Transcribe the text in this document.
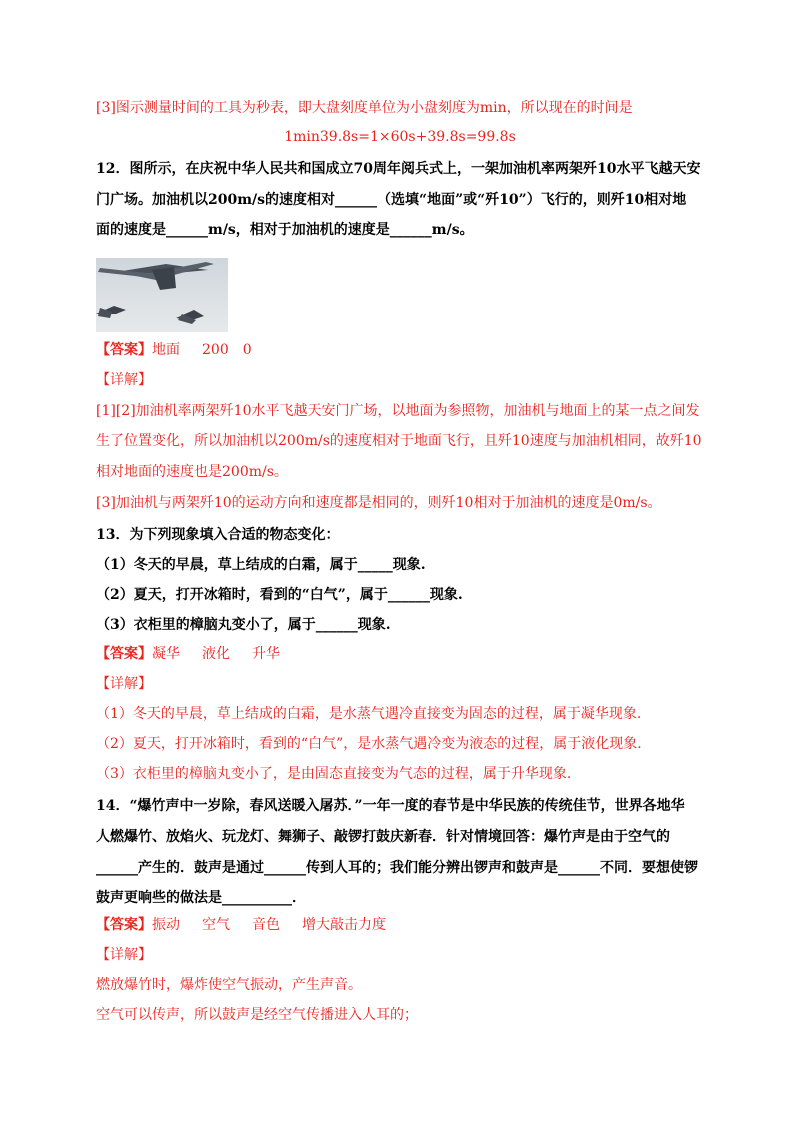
[3]图示测量时间的工具为秒表，即大盘刻度单位为小盘刻度为min，所以现在的时间是
1min39.8s=1×60s+39.8s=99.8s
12．图所示，在庆祝中华人民共和国成立70周年阅兵式上，一架加油机率两架歼10水平飞越天安
门广场。加油机以200m/s的速度相对______（选填“地面”或“歼10”）飞行的，则歼10相对地
面的速度是______m/s，相对于加油机的速度是______m/s。
【答案】地面 200 0
【详解】
[1][2]加油机率两架歼10水平飞越天安门广场，以地面为参照物，加油机与地面上的某一点之间发
生了位置变化，所以加油机以200m/s的速度相对于地面飞行，且歼10速度与加油机相同，故歼10
相对地面的速度也是200m/s。
[3]加油机与两架歼10的运动方向和速度都是相同的，则歼10相对于加油机的速度是0m/s。
13．为下列现象填入合适的物态变化：
（1）冬天的早晨，草上结成的白霜，属于_____现象.
（2）夏天，打开冰箱时，看到的“白气”，属于______现象.
（3）衣柜里的樟脑丸变小了，属于______现象.
【答案】凝华 液化 升华
【详解】
（1）冬天的早晨，草上结成的白霜，是水蒸气遇冷直接变为固态的过程，属于凝华现象.
（2）夏天，打开冰箱时，看到的“白气”，是水蒸气遇冷变为液态的过程，属于液化现象.
（3）衣柜里的樟脑丸变小了，是由固态直接变为气态的过程，属于升华现象.
14．“爆竹声中一岁除，春风送暖入屠苏．”一年一度的春节是中华民族的传统佳节，世界各地华
人燃爆竹、放焰火、玩龙灯、舞狮子、敲锣打鼓庆新春．针对情境回答：爆竹声是由于空气的
______产生的．鼓声是通过______传到人耳的；我们能分辨出锣声和鼓声是______不同．要想使锣
鼓声更响些的做法是__________．
【答案】振动 空气 音色 增大敲击力度
【详解】
燃放爆竹时，爆炸使空气振动，产生声音。
空气可以传声，所以鼓声是经空气传播进入人耳的；
